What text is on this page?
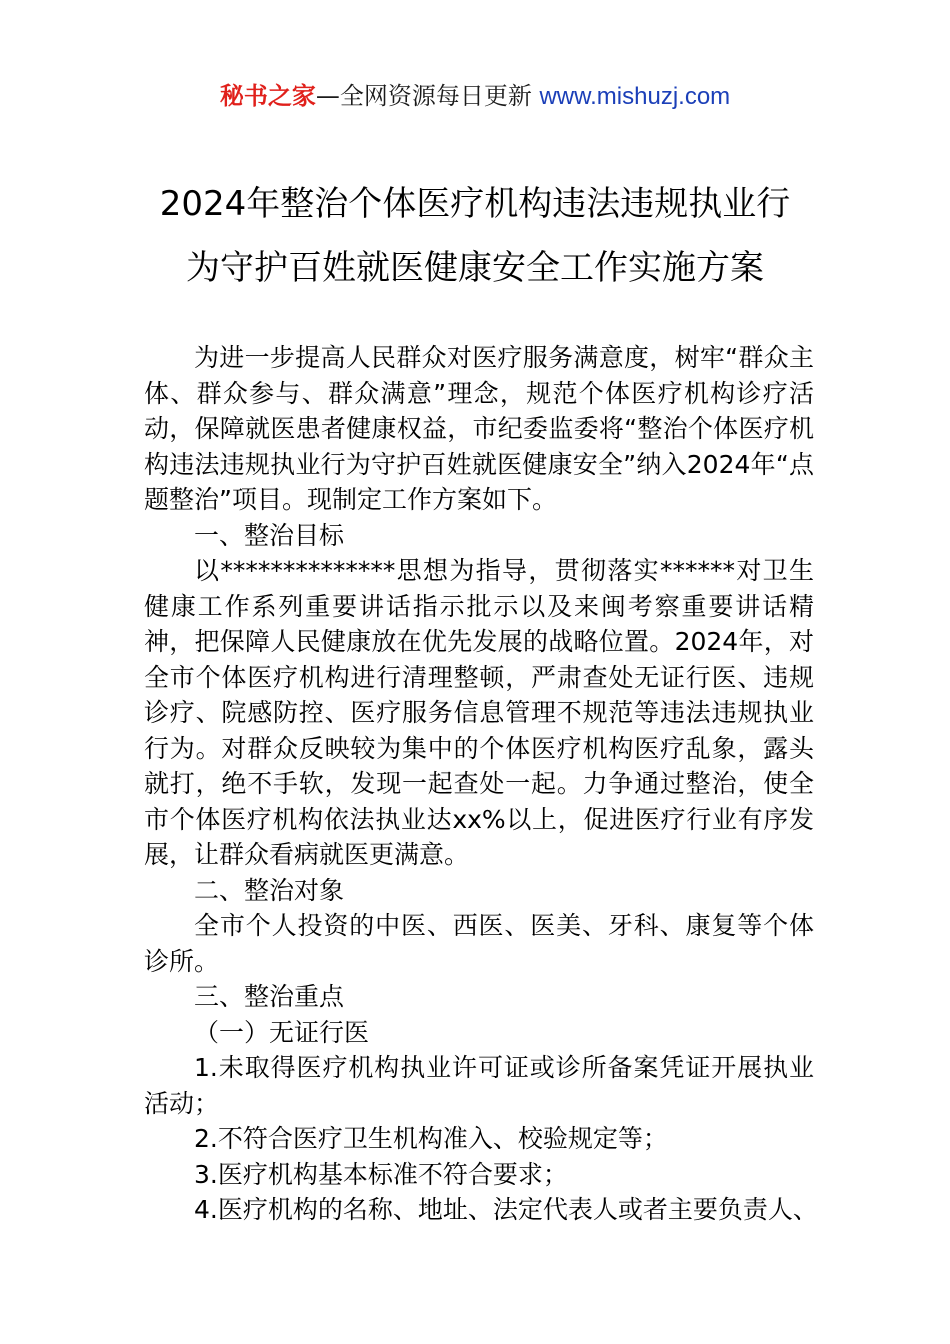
秘书之家—全网资源每日更新 www.mishuzj.com
2024年整治个体医疗机构违法违规执业行
为守护百姓就医健康安全工作实施方案

为进一步提高人民群众对医疗服务满意度，树牢“群众主体、群众参与、群众满意”理念，规范个体医疗机构诊疗活动，保障就医患者健康权益，市纪委监委将“整治个体医疗机构违法违规执业行为守护百姓就医健康安全”纳入2024年“点题整治”项目。现制定工作方案如下。

一、整治目标

以**************思想为指导，贯彻落实******对卫生健康工作系列重要讲话指示批示以及来闽考察重要讲话精神，把保障人民健康放在优先发展的战略位置。2024年，对全市个体医疗机构进行清理整顿，严肃查处无证行医、违规诊疗、院感防控、医疗服务信息管理不规范等违法违规执业行为。对群众反映较为集中的个体医疗机构医疗乱象，露头就打，绝不手软，发现一起查处一起。力争通过整治，使全市个体医疗机构依法执业达xx%以上，促进医疗行业有序发展，让群众看病就医更满意。

二、整治对象

全市个人投资的中医、西医、医美、牙科、康复等个体诊所。

三、整治重点

（一）无证行医

1.未取得医疗机构执业许可证或诊所备案凭证开展执业活动；

2.不符合医疗卫生机构准入、校验规定等；

3.医疗机构基本标准不符合要求；

4.医疗机构的名称、地址、法定代表人或者主要负责人、
